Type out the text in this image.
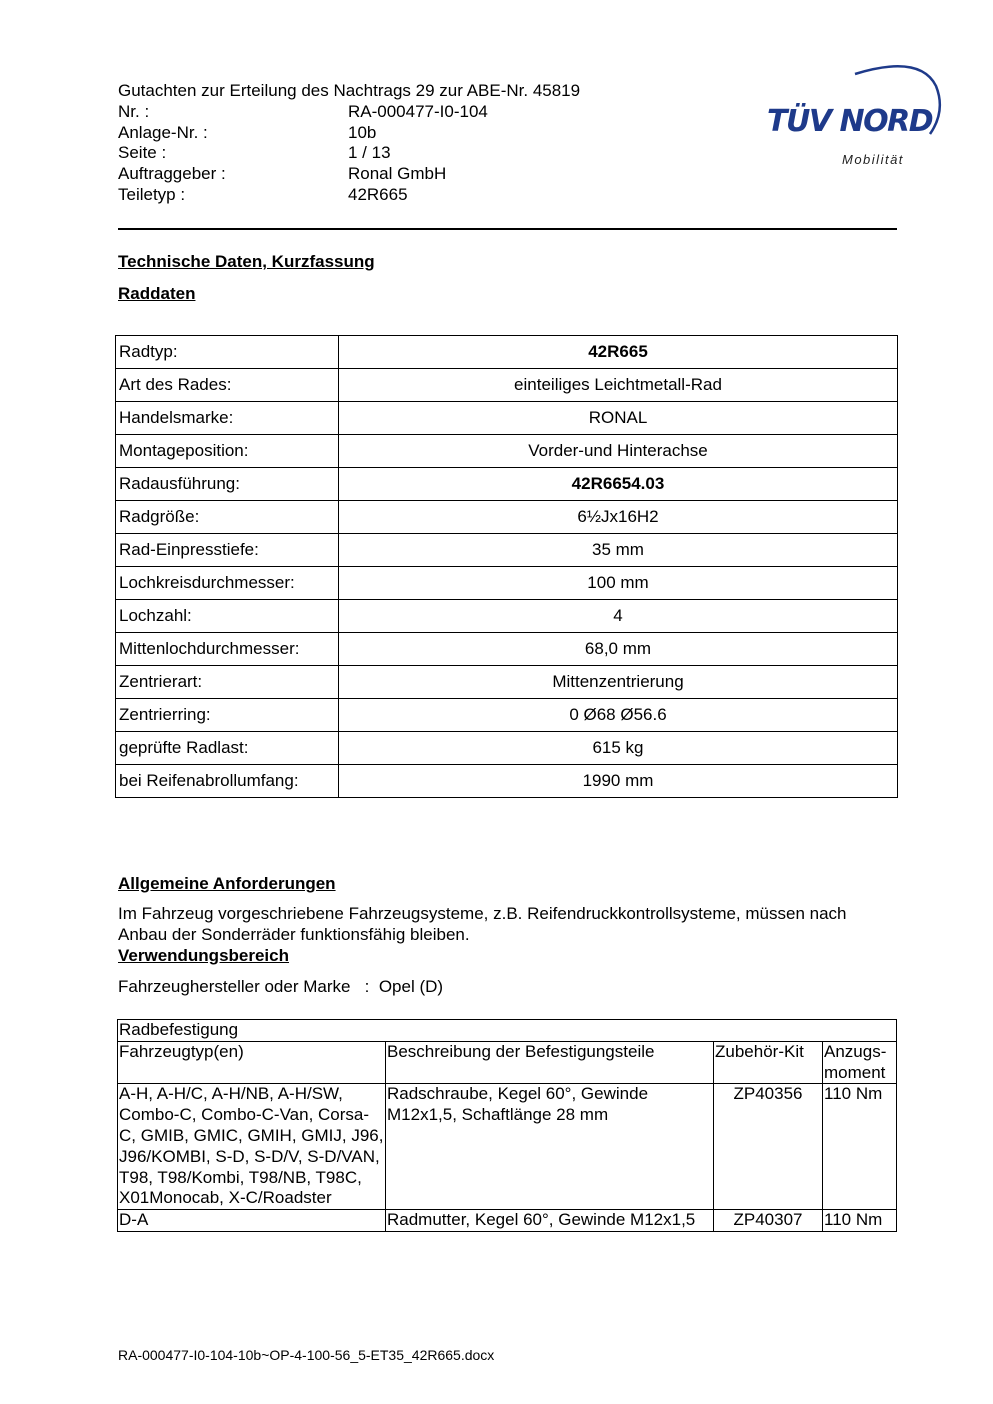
Gutachten zur Erteilung des Nachtrags 29 zur ABE-Nr. 45819
Nr. :	RA-000477-I0-104
Anlage-Nr. :	10b
Seite :	1 / 13
Auftraggeber :	Ronal GmbH
Teiletyp :	42R665
TÜV NORD
Mobilität
Technische Daten, Kurzfassung
Raddaten
Radtyp:	42R665
Art des Rades:	einteiliges Leichtmetall-Rad
Handelsmarke:	RONAL
Montageposition:	Vorder-und Hinterachse
Radausführung:	42R6654.03
Radgröße:	6½Jx16H2
Rad-Einpresstiefe:	35 mm
Lochkreisdurchmesser:	100 mm
Lochzahl:	4
Mittenlochdurchmesser:	68,0 mm
Zentrierart:	Mittenzentrierung
Zentrierring:	0 Ø68 Ø56.6
geprüfte Radlast:	615 kg
bei Reifenabrollumfang:	1990 mm
Allgemeine Anforderungen
Im Fahrzeug vorgeschriebene Fahrzeugsysteme, z.B. Reifendruckkontrollsysteme, müssen nach Anbau der Sonderräder funktionsfähig bleiben.
Verwendungsbereich
Fahrzeughersteller oder Marke : Opel (D)
Radbefestigung			
Fahrzeugtyp(en)	Beschreibung der Befestigungsteile	Zubehör-Kit	Anzugs-moment
A-H, A-H/C, A-H/NB, A-H/SW, Combo-C, Combo-C-Van, Corsa-C, GMIB, GMIC, GMIH, GMIJ, J96, J96/KOMBI, S-D, S-D/V, S-D/VAN, T98, T98/Kombi, T98/NB, T98C, X01Monocab, X-C/Roadster	Radschraube, Kegel 60°, Gewinde M12x1,5, Schaftlänge 28 mm	ZP40356	110 Nm
D-A	Radmutter, Kegel 60°, Gewinde M12x1,5	ZP40307	110 Nm
RA-000477-I0-104-10b~OP-4-100-56_5-ET35_42R665.docx
